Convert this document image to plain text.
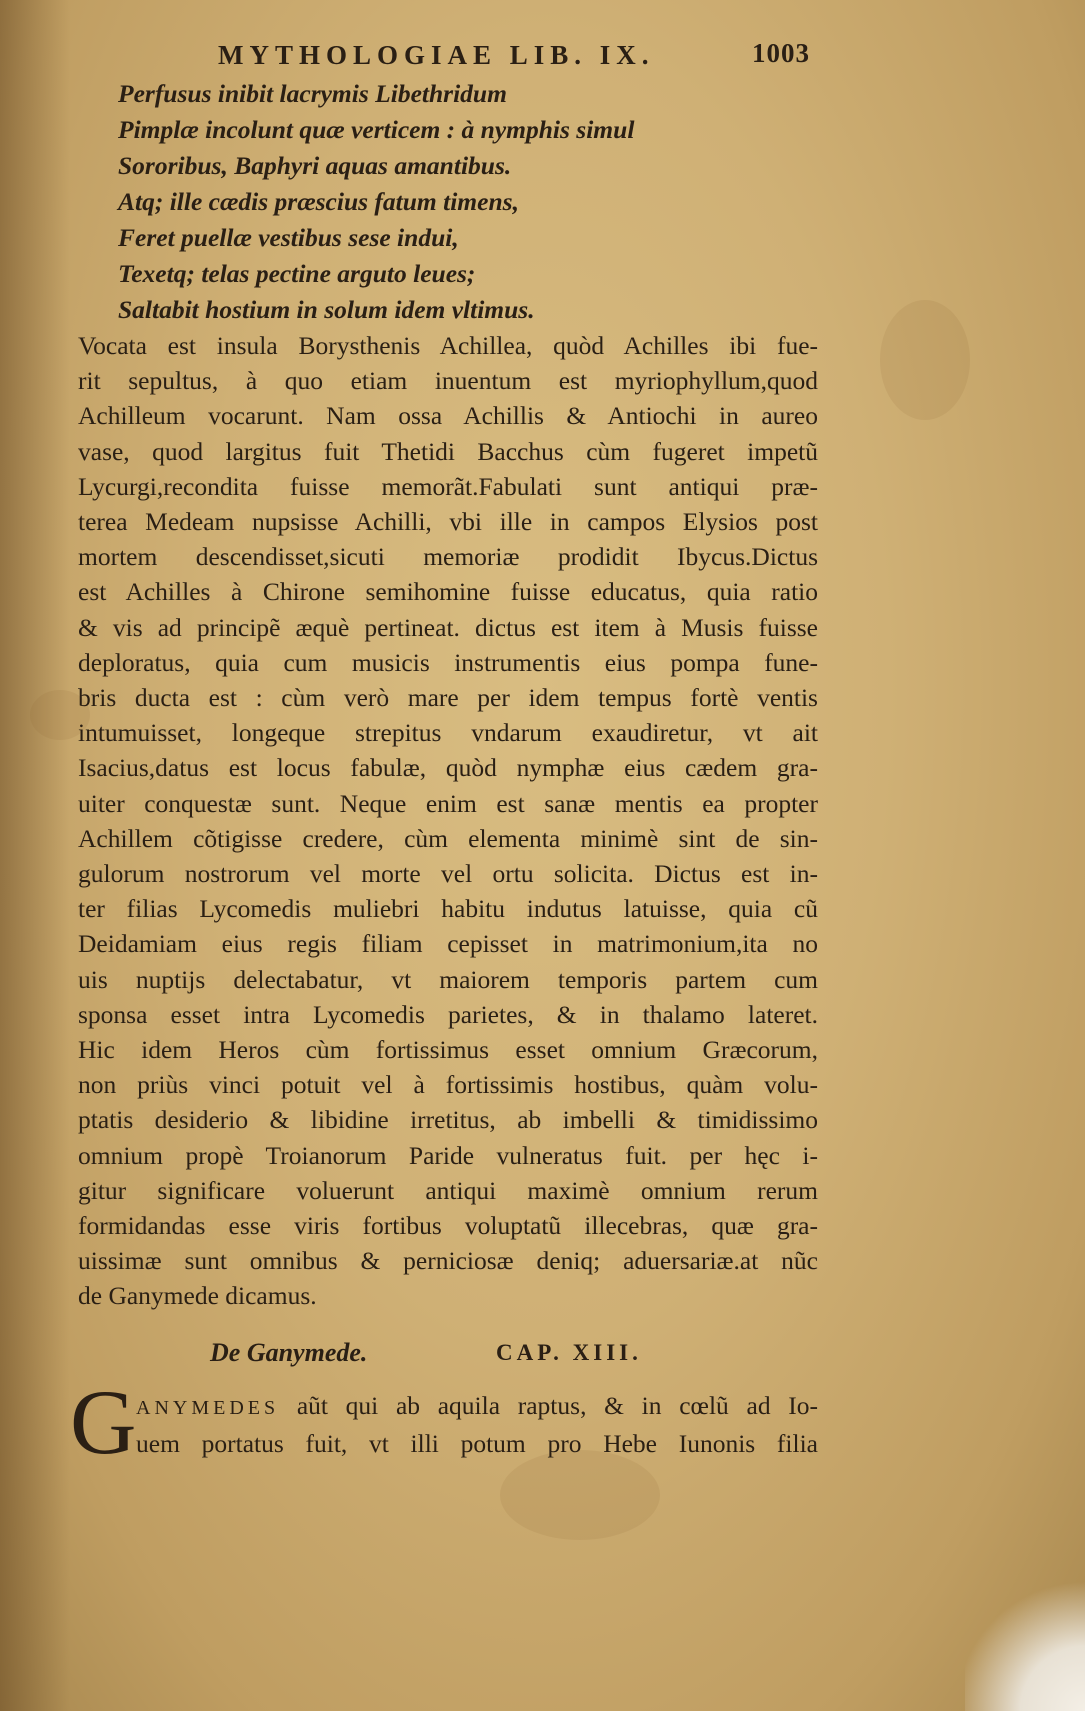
MYTHOLOGIAE LIB. IX.	1003
Perfusus inibit lacrymis Libethridum
Pimplæ incolunt quæ verticem : à nymphis simul
Sororibus, Baphyri aquas amantibus.
Atq; ille cædis præscius fatum timens,
Feret puellæ vestibus sese indui,
Texetq; telas pectine arguto leues;
Saltabit hostium in solum idem vltimus.
Vocata est insula Borysthenis Achillea, quòd Achilles ibi fue-
rit sepultus, à quo etiam inuentum est myriophyllum,quod
Achilleum vocarunt. Nam ossa Achillis & Antiochi in aureo
vase, quod largitus fuit Thetidi Bacchus cùm fugeret impetũ
Lycurgi,recondita fuisse memorãt.Fabulati sunt antiqui præ-
terea Medeam nupsisse Achilli, vbi ille in campos Elysios post
mortem descendisset,sicuti memoriæ prodidit Ibycus.Dictus
est Achilles à Chirone semihomine fuisse educatus, quia ratio
& vis ad principẽ æquè pertineat. dictus est item à Musis fuisse
deploratus, quia cum musicis instrumentis eius pompa fune-
bris ducta est : cùm verò mare per idem tempus fortè ventis
intumuisset, longeque strepitus vndarum exaudiretur, vt ait
Isacius,datus est locus fabulæ, quòd nymphæ eius cædem gra-
uiter conquestæ sunt. Neque enim est sanæ mentis ea propter
Achillem cõtigisse credere, cùm elementa minimè sint de sin-
gulorum nostrorum vel morte vel ortu solicita. Dictus est in-
ter filias Lycomedis muliebri habitu indutus latuisse, quia cũ
Deidamiam eius regis filiam cepisset in matrimonium,ita no
uis nuptijs delectabatur, vt maiorem temporis partem cum
sponsa esset intra Lycomedis parietes, & in thalamo lateret.
Hic idem Heros cùm fortissimus esset omnium Græcorum,
non priùs vinci potuit vel à fortissimis hostibus, quàm volu-
ptatis desiderio & libidine irretitus, ab imbelli & timidissimo
omnium propè Troianorum Paride vulneratus fuit. per hęc i-
gitur significare voluerunt antiqui maximè omnium rerum
formidandas esse viris fortibus voluptatũ illecebras, quæ gra-
uissimæ sunt omnibus & perniciosæ deniq; aduersariæ.at nũc
de Ganymede dicamus.
De Ganymede.	CAP. XIII.
G ANYMEDES aũt qui ab aquila raptus, & in cœlũ ad Io-
uem portatus fuit, vt illi potum pro Hebe Iunonis filia
